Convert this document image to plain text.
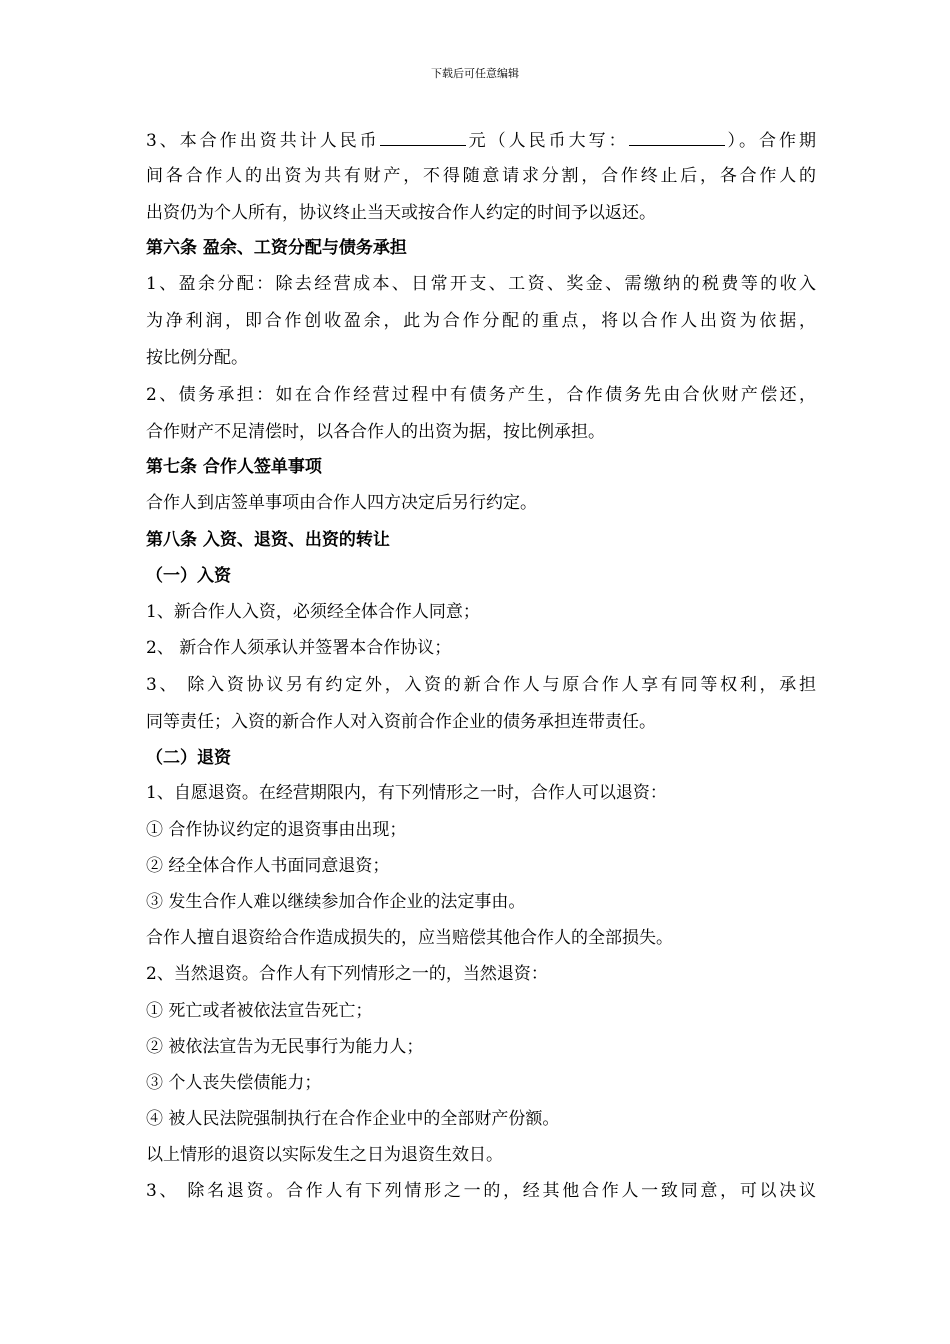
下载后可任意编辑
3、本合作出资共计人民币	元（人民币大写：	）。合作期
间各合作人的出资为共有财产，不得随意请求分割，合作终止后，各合作人的
出资仍为个人所有，协议终止当天或按合作人约定的时间予以返还。
第六条 盈余、工资分配与债务承担
1、盈余分配：除去经营成本、日常开支、工资、奖金、需缴纳的税费等的收入
为净利润，即合作创收盈余，此为合作分配的重点，将以合作人出资为依据，
按比例分配。
2、债务承担：如在合作经营过程中有债务产生，合作债务先由合伙财产偿还，
合作财产不足清偿时，以各合作人的出资为据，按比例承担。
第七条 合作人签单事项
合作人到店签单事项由合作人四方决定后另行约定。
第八条 入资、退资、出资的转让
（一）入资
1、新合作人入资，必须经全体合作人同意；
2、 新合作人须承认并签署本合作协议；
3、 除入资协议另有约定外，入资的新合作人与原合作人享有同等权利，承担
同等责任；入资的新合作人对入资前合作企业的债务承担连带责任。
（二）退资
1、自愿退资。在经营期限内，有下列情形之一时，合作人可以退资：
① 合作协议约定的退资事由出现；
② 经全体合作人书面同意退资；
③ 发生合作人难以继续参加合作企业的法定事由。
合作人擅自退资给合作造成损失的，应当赔偿其他合作人的全部损失。
2、当然退资。合作人有下列情形之一的，当然退资：
① 死亡或者被依法宣告死亡；
② 被依法宣告为无民事行为能力人；
③ 个人丧失偿债能力；
④ 被人民法院强制执行在合作企业中的全部财产份额。
以上情形的退资以实际发生之日为退资生效日。
3、 除名退资。合作人有下列情形之一的，经其他合作人一致同意，可以决议
